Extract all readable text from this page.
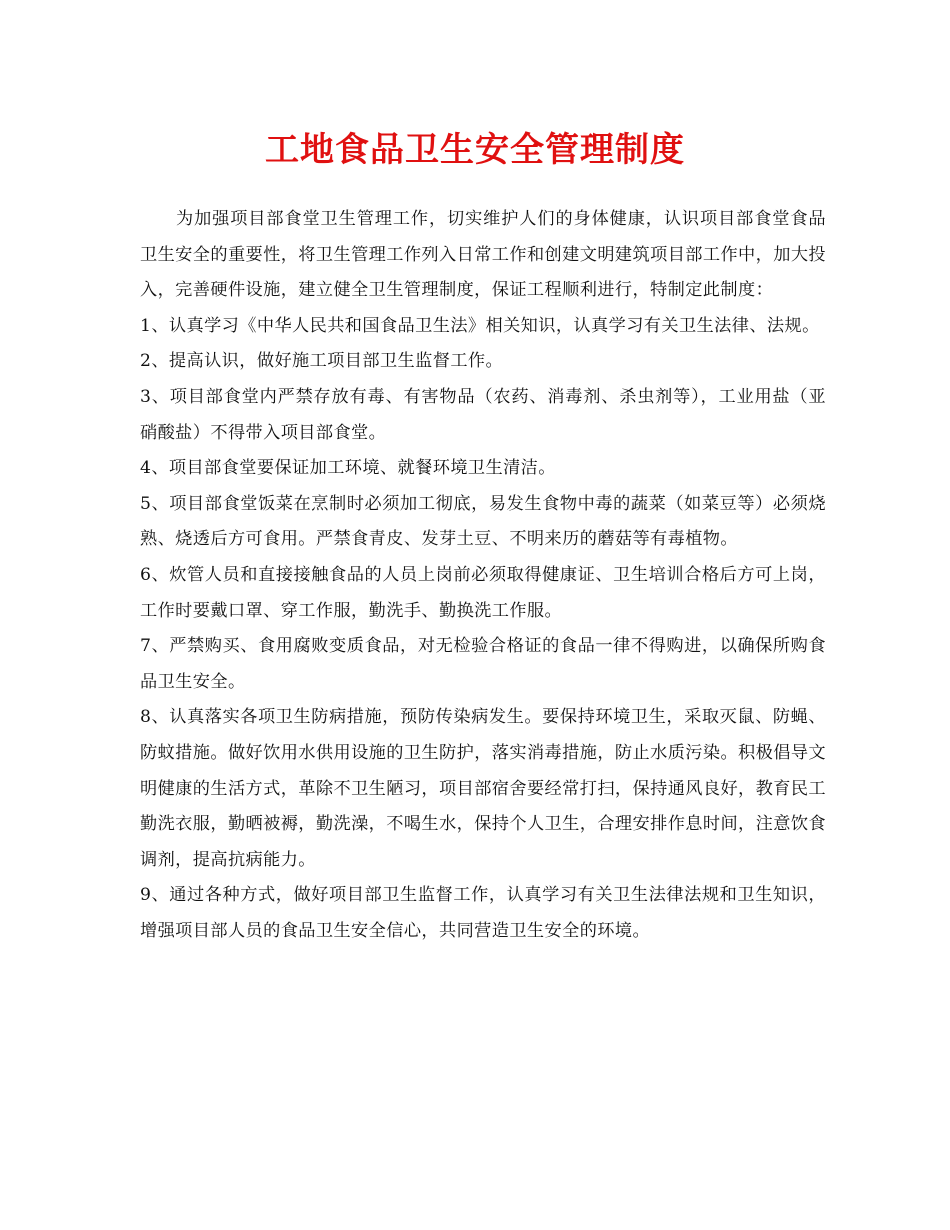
工地食品卫生安全管理制度

为加强项目部食堂卫生管理工作，切实维护人们的身体健康，认识项目部食堂食品卫生安全的重要性，将卫生管理工作列入日常工作和创建文明建筑项目部工作中，加大投入，完善硬件设施，建立健全卫生管理制度，保证工程顺利进行，特制定此制度：

1、认真学习《中华人民共和国食品卫生法》相关知识，认真学习有关卫生法律、法规。

2、提高认识，做好施工项目部卫生监督工作。

3、项目部食堂内严禁存放有毒、有害物品（农药、消毒剂、杀虫剂等），工业用盐（亚硝酸盐）不得带入项目部食堂。

4、项目部食堂要保证加工环境、就餐环境卫生清洁。

5、项目部食堂饭菜在烹制时必须加工彻底，易发生食物中毒的蔬菜（如菜豆等）必须烧熟、烧透后方可食用。严禁食青皮、发芽土豆、不明来历的蘑菇等有毒植物。

6、炊管人员和直接接触食品的人员上岗前必须取得健康证、卫生培训合格后方可上岗，工作时要戴口罩、穿工作服，勤洗手、勤换洗工作服。

7、严禁购买、食用腐败变质食品，对无检验合格证的食品一律不得购进，以确保所购食品卫生安全。

8、认真落实各项卫生防病措施，预防传染病发生。要保持环境卫生，采取灭鼠、防蝇、防蚊措施。做好饮用水供用设施的卫生防护，落实消毒措施，防止水质污染。积极倡导文明健康的生活方式，革除不卫生陋习，项目部宿舍要经常打扫，保持通风良好，教育民工勤洗衣服，勤晒被褥，勤洗澡，不喝生水，保持个人卫生，合理安排作息时间，注意饮食调剂，提高抗病能力。

9、通过各种方式，做好项目部卫生监督工作，认真学习有关卫生法律法规和卫生知识，增强项目部人员的食品卫生安全信心，共同营造卫生安全的环境。
